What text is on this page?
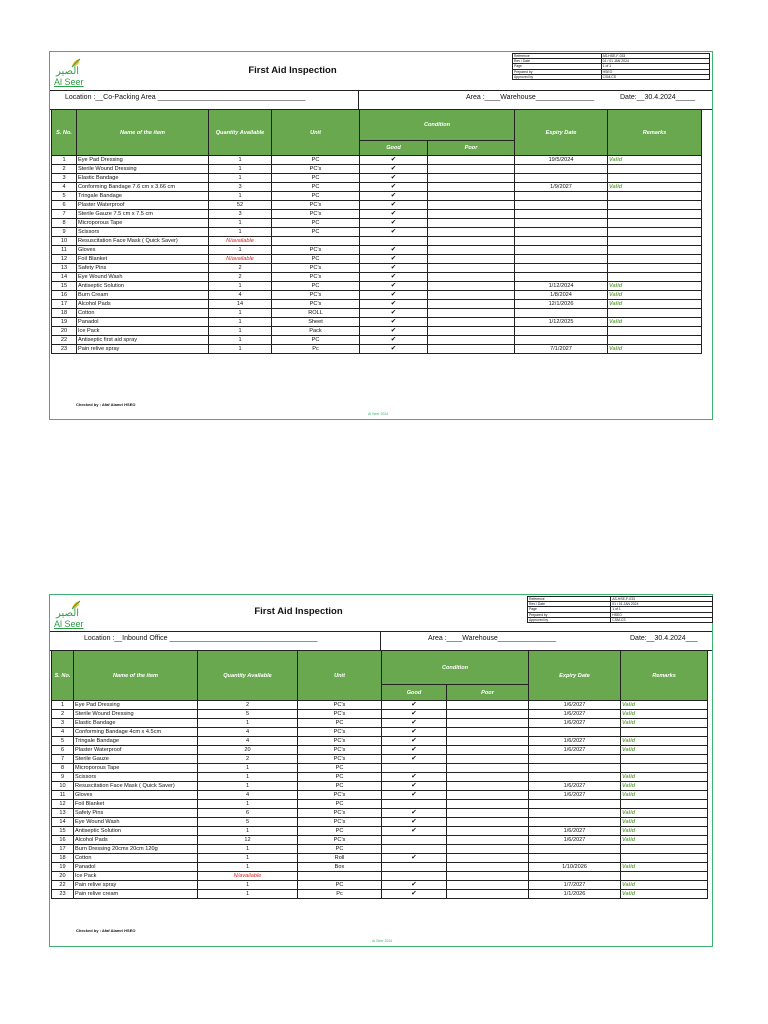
الصير
Al Seer
First Aid Inspection
Reference	AS-HSE-F-033
Rev / Date	01 / 01 JAN 2024
Page	1 of 1
Prepared by	HSEO
Approved by	CSM-CS
Location :__Co-Packing Area ______________________________________	Area :____Warehouse_______________	Date:__30.4.2024_____
S. No.	Name of the item	Quantity Available	Unit	Condition		Expiry Date	Remarks
				Good	Poor		
1	Eye Pad Dressing	1	PC	✔		19/5/2024	Valid
2	Sterile Wound Dressing	1	PC's	✔			
3	Elastic Bandage	1	PC	✔			
4	Conforming Bandage 7.6 cm x 3.66 cm	3	PC	✔		1/9/2027	Valid
5	Tringale Bandage	1	PC	✔			
6	Plaster Waterproof	52	PC's	✔			
7	Sterile Gauze 7.5 cm x 7.5 cm	3	PC's	✔			
8	Microporous Tape	1	PC	✔			
9	Scissors	1	PC	✔			
10	Resuscitation Face Mask ( Quick Saver)	N/available					
11	Gloves	1	PC's	✔			
12	Foil Blanket	N/available	PC	✔			
13	Safety Pins	2	PC's	✔			
14	Eye Wound Wash	2	PC's	✔			
15	Antiseptic Solution	1	PC	✔		1/12/2024	Valid
16	Burn Cream	4	PC's	✔		1/8/2024	Valid
17	Alcohol Pads	14	PC's	✔		12/1/2026	Valid
18	Cotton	1	ROLL	✔			
19	Panadol	1	Sheet	✔		1/12/2025	Valid
20	Ice Pack	1	Pack	✔			
22	Antiseptic first aid spray	1	PC	✔			
23	Pain relive spray	1	Pc	✔		7/1/2027	Valid
Checked by : Afaf Alamri HSEO
Al Seer 2024
الصير
Al Seer
First Aid Inspection
Reference	AS-HSE-F-033
Rev / Date	01 / 01 JAN 2024
Page	1 of 1
Prepared by	HSEO
Approved by	CSM-CS
Location :__Inbound Office ______________________________________	Area :____Warehouse_______________	Date:__30.4.2024___
S. No.	Name of the item	Quantity Available	Unit	Condition		Expiry Date	Remarks
				Good	Poor		
1	Eye Pad Dressing	2	PC's	✔		1/6/2027	Valid
2	Sterile Wound Dressing	5	PC's	✔		1/6/2027	Valid
3	Elastic Bandage	1	PC	✔		1/6/2027	Valid
4	Conforming Bandage 4cm x 4.5cm	4	PC's	✔			
5	Tringale Bandage	4	PC's	✔		1/6/2027	Valid
6	Plaster Waterproof	20	PC's	✔		1/6/2027	Valid
7	Sterile Gauze	2	PC's	✔			
8	Microporous Tape	1	PC				
9	Scissors	1	PC	✔			Valid
10	Resuscitation Face Mask ( Quick Saver)	1	PC	✔		1/6/2027	Valid
11	Gloves	4	PC's	✔		1/6/2027	Valid
12	Foil Blanket	1	PC				
13	Safety Pins	6	PC's	✔			Valid
14	Eye Wound Wash	5	PC's	✔			Valid
15	Antiseptic Solution	1	PC	✔		1/6/2027	Valid
16	Alcohol Pads	12	PC's			1/6/2027	Valid
17	Burn Dressing 20cmx 20cm 120g	1	PC				
18	Cotton	1	Roll	✔			
19	Panadol	1	Box			1/10/2026	Valid
20	Ice Pack	N/available					
22	Pain relive spray	1	PC	✔		1/7/2027	Valid
23	Pain relive cream	1	Pc	✔		1/1/2026	Valid
Checked by : Afaf Alamri HSEO
Al Seer 2024
